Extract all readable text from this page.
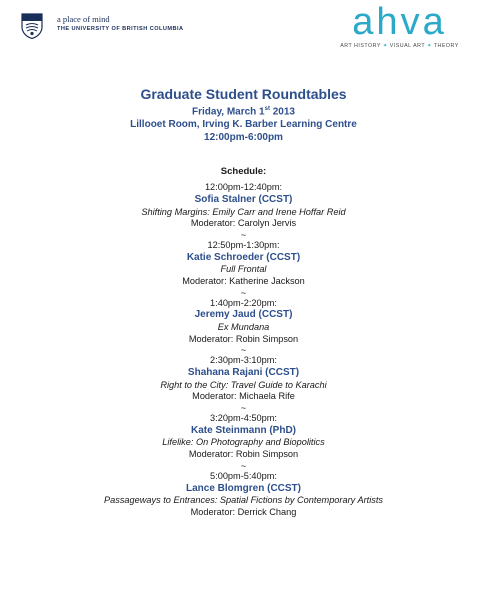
a place of mind
THE UNIVERSITY OF BRITISH COLUMBIA	ahva
ART HISTORY ✦ VISUAL ART ✦ THEORY
Graduate Student Roundtables
Friday, March 1st 2013
Lillooet Room, Irving K. Barber Learning Centre
12:00pm-6:00pm
Schedule:
12:00pm-12:40pm:
Sofia Stalner (CCST)
Shifting Margins: Emily Carr and Irene Hoffar Reid
Moderator: Carolyn Jervis
~
12:50pm-1:30pm:
Katie Schroeder (CCST)
Full Frontal
Moderator: Katherine Jackson
~
1:40pm-2:20pm:
Jeremy Jaud (CCST)
Ex Mundana
Moderator: Robin Simpson
~
2:30pm-3:10pm:
Shahana Rajani (CCST)
Right to the City: Travel Guide to Karachi
Moderator: Michaela Rife
~
3:20pm-4:50pm:
Kate Steinmann (PhD)
Lifelike: On Photography and Biopolitics
Moderator: Robin Simpson
~
5:00pm-5:40pm:
Lance Blomgren (CCST)
Passageways to Entrances: Spatial Fictions by Contemporary Artists
Moderator: Derrick Chang
